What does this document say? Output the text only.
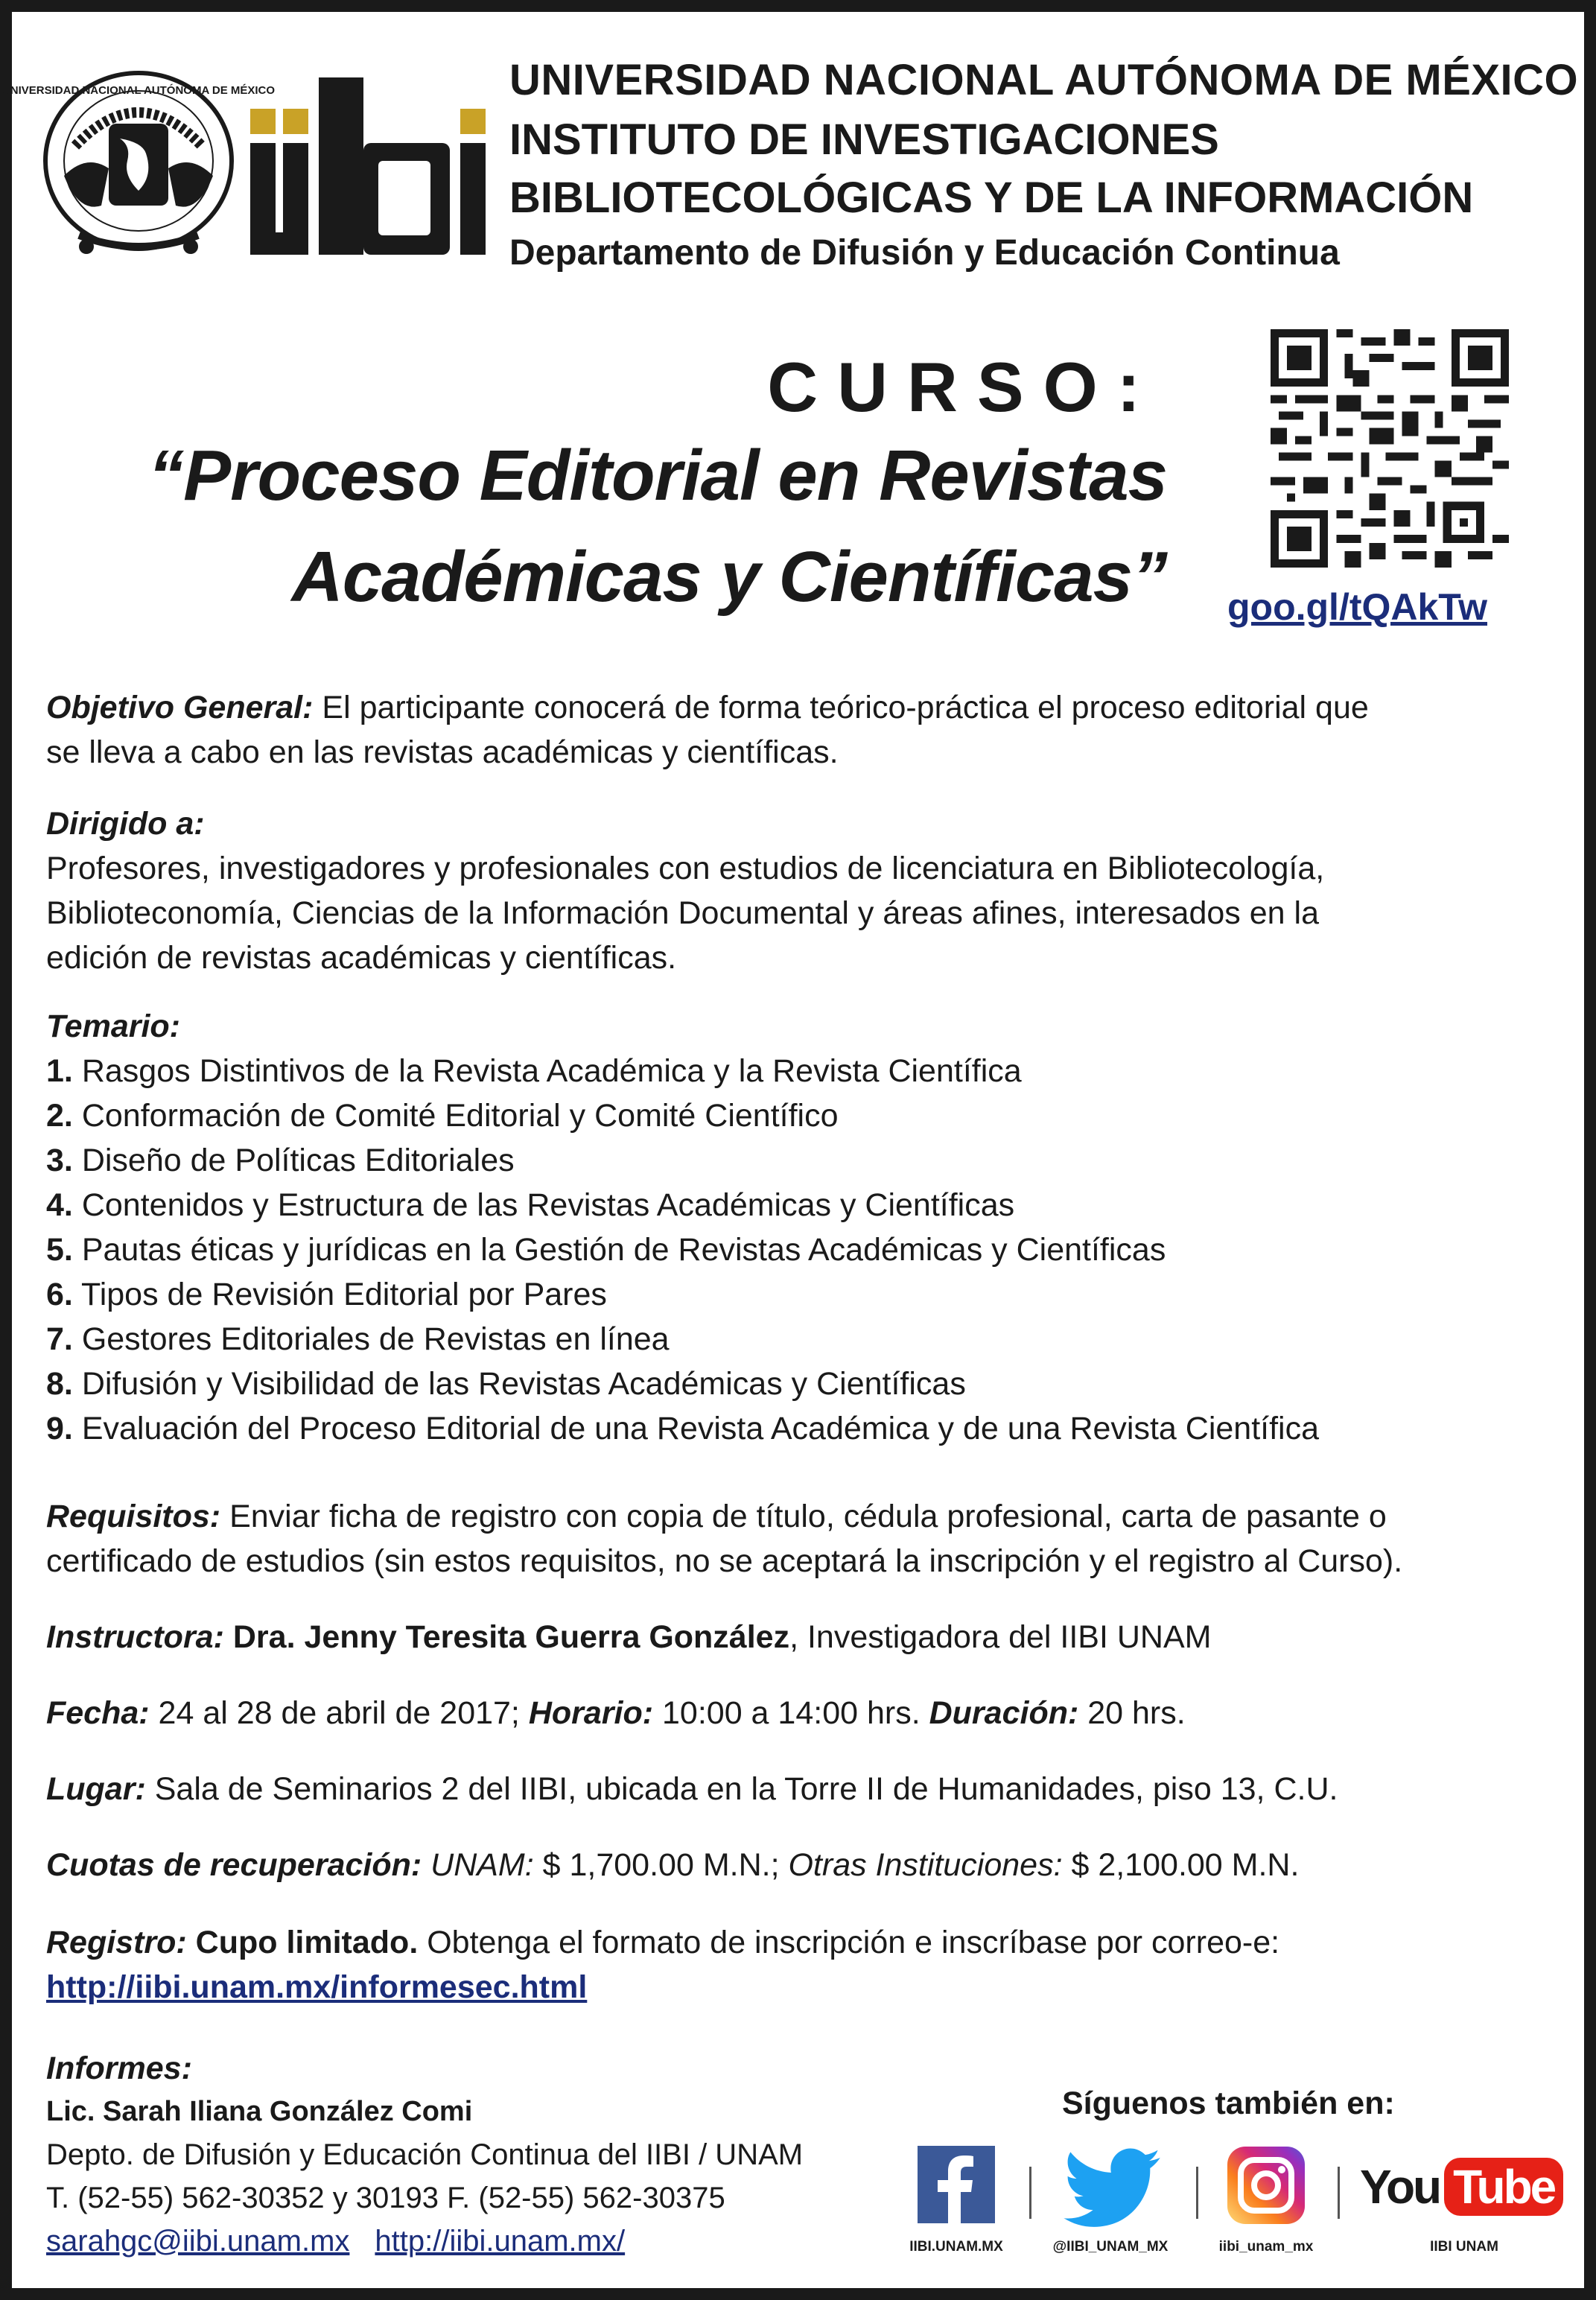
UNIVERSIDAD NACIONAL AUTÓNOMA DE MÉXICO
iibi	UNIVERSIDAD NACIONAL AUTÓNOMA DE MÉXICO
INSTITUTO DE INVESTIGACIONES
BIBLIOTECOLÓGICAS Y DE LA INFORMACIÓN
Departamento de Difusión y Educación Continua
CURSO:
“Proceso Editorial en Revistas
Académicas y Científicas” goo.gl/tQAkTw
Objetivo General: El participante conocerá de forma teórico-práctica el proceso editorial que
se lleva a cabo en las revistas académicas y científicas.
Dirigido a:
Profesores, investigadores y profesionales con estudios de licenciatura en Bibliotecología,
Biblioteconomía, Ciencias de la Información Documental y áreas afines, interesados en la
edición de revistas académicas y científicas.
Temario:
1. Rasgos Distintivos de la Revista Académica y la Revista Científica
2. Conformación de Comité Editorial y Comité Científico
3. Diseño de Políticas Editoriales
4. Contenidos y Estructura de las Revistas Académicas y Científicas
5. Pautas éticas y jurídicas en la Gestión de Revistas Académicas y Científicas
6. Tipos de Revisión Editorial por Pares
7. Gestores Editoriales de Revistas en línea
8. Difusión y Visibilidad de las Revistas Académicas y Científicas
9. Evaluación del Proceso Editorial de una Revista Académica y de una Revista Científica
Requisitos: Enviar ficha de registro con copia de título, cédula profesional, carta de pasante o
certificado de estudios (sin estos requisitos, no se aceptará la inscripción y el registro al Curso).
Instructora: Dra. Jenny Teresita Guerra González, Investigadora del IIBI UNAM
Fecha: 24 al 28 de abril de 2017; Horario: 10:00 a 14:00 hrs. Duración: 20 hrs.
Lugar: Sala de Seminarios 2 del IIBI, ubicada en la Torre II de Humanidades, piso 13, C.U.
Cuotas de recuperación: UNAM: $ 1,700.00 M.N.; Otras Instituciones: $ 2,100.00 M.N.
Registro: Cupo limitado. Obtenga el formato de inscripción e inscríbase por correo-e:
http://iibi.unam.mx/informesec.html
Informes:
Lic. Sarah Iliana González Comi
Depto. de Difusión y Educación Continua del IIBI / UNAM
T. (52-55) 562-30352 y 30193 F. (52-55) 562-30375
sarahgc@iibi.unam.mx http://iibi.unam.mx/
Síguenos también en:
IIBI.UNAM.MX	@IIBI_UNAM_MX	iibi_unam_mx
You Tube
IIBI UNAM
